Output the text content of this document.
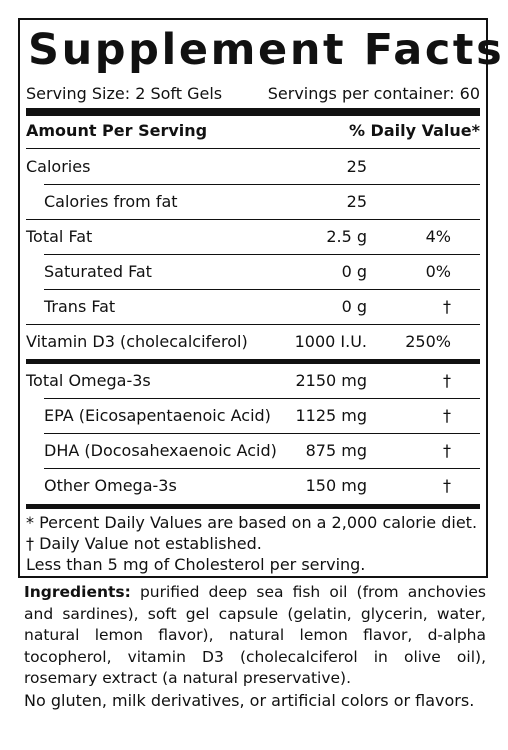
Supplement Facts
Serving Size: 2 Soft Gels	Servings per container: 60
Amount Per Serving	% Daily Value*
Calories	25
Calories from fat	25
Total Fat	2.5 g	4%
Saturated Fat	0 g	0%
Trans Fat	0 g	†
Vitamin D3 (cholecalciferol)	1000 I.U. 250%
Total Omega-3s	2150 mg	†
EPA (Eicosapentaenoic Acid) 1125 mg	†
DHA (Docosahexaenoic Acid) 875 mg	†
Other Omega-3s	150 mg	†
* Percent Daily Values are based on a 2,000 calorie diet.
† Daily Value not established.
Less than 5 mg of Cholesterol per serving.
Ingredients: purified deep sea fish oil (from anchovies and sardines), soft gel capsule (gelatin, glycerin, water, natural lemon flavor), natural lemon flavor, d-alpha tocopherol, vitamin D3 (cholecalciferol in olive oil), rosemary extract (a natural preservative).
No gluten, milk derivatives, or artificial colors or flavors.
